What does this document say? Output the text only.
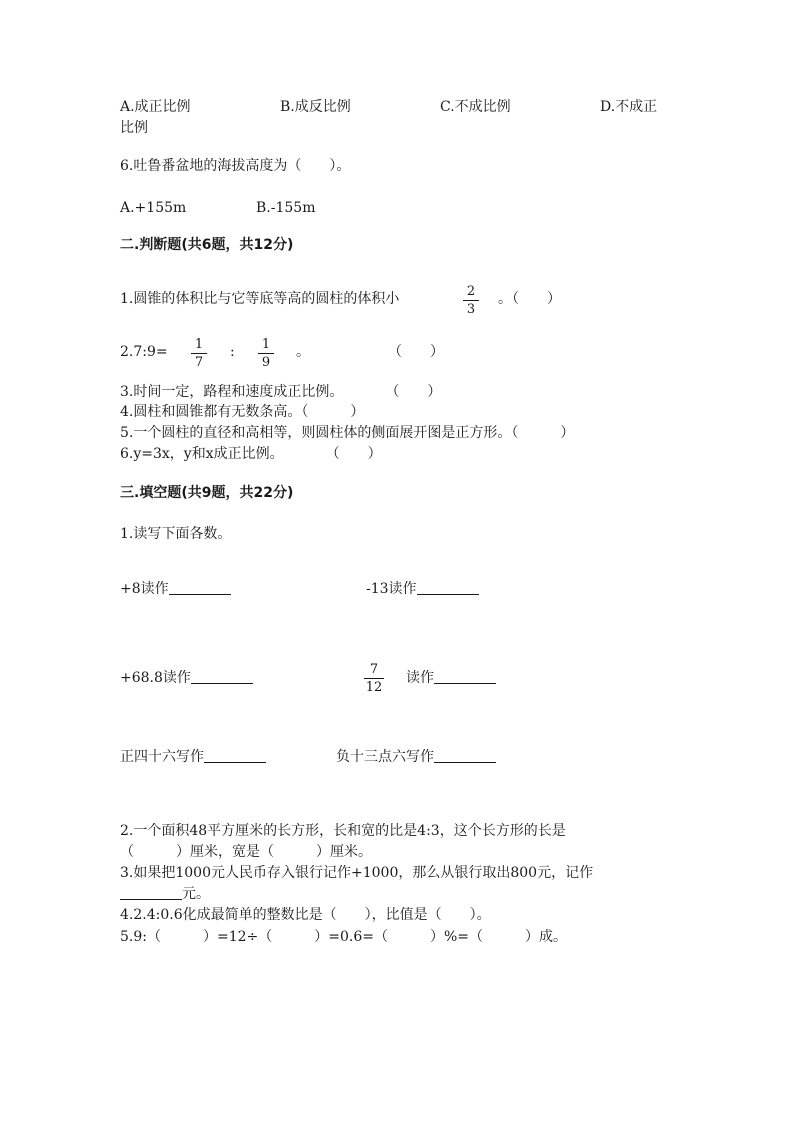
A.成正比例	B.成反比例	C.不成比例	D.不成正
比例
6.吐鲁番盆地的海拔高度为（　　）。
A.+155m	B.-155m
二.判断题(共6题，共12分)
1.圆锥的体积比与它等底等高的圆柱的体积小	2
3
。（　　）
2.7:9= 1
7
: 1
9
。	（　　）
3.时间一定，路程和速度成正比例。　　　　（　　）
4.圆柱和圆锥都有无数条高。（　　　）
5.一个圆柱的直径和高相等，则圆柱体的侧面展开图是正方形。（　　　）
6.y=3x，y和x成正比例。　　　　（　　）
三.填空题(共9题，共22分)
1.读写下面各数。
+8读作	-13读作
+68.8读作
7
12
读作
正四十六写作	负十三点六写作
2.一个面积48平方厘米的长方形，长和宽的比是4:3，这个长方形的长是
（　　　）厘米，宽是（　　　）厘米。
3.如果把1000元人民币存入银行记作+1000，那么从银行取出800元，记作
元。
4.2.4:0.6化成最简单的整数比是（　　），比值是（　　）。
5.9:（　　　）=12÷（　　　）=0.6=（　　　）%=（　　　）成。
